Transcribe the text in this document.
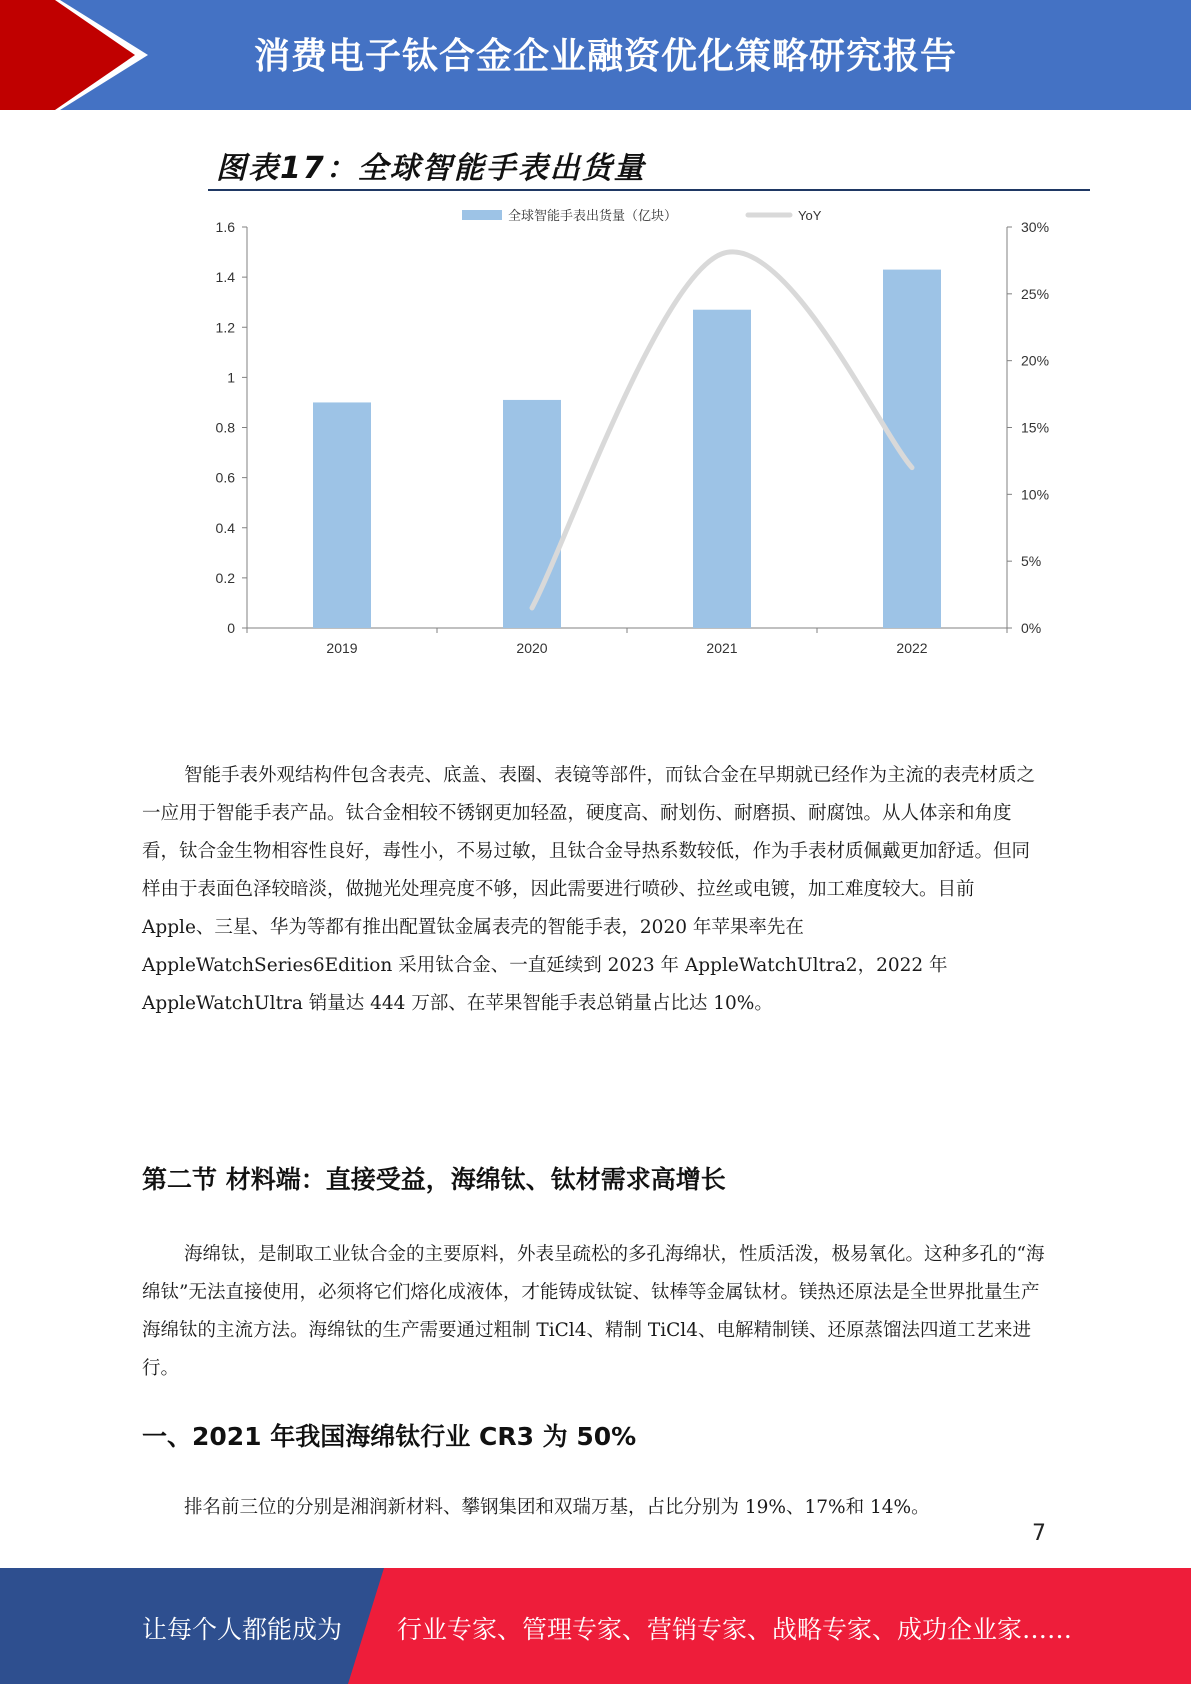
消费电子钛合金企业融资优化策略研究报告
图表17：全球智能手表出货量
0
0.2
0.4
0.6
0.8
1
1.2
1.4
1.6
0%
5%
10%
15%
20%
25%
30%
2019	2020	2021	2022
全球智能手表出货量（亿块）	YoY

智能手表外观结构件包含表壳、底盖、表圈、表镜等部件，而钛合金在早期就已经作为主流的表壳材质之一应用于智能手表产品。钛合金相较不锈钢更加轻盈，硬度高、耐划伤、耐磨损、耐腐蚀。从人体亲和角度看，钛合金生物相容性良好，毒性小，不易过敏，且钛合金导热系数较低，作为手表材质佩戴更加舒适。但同样由于表面色泽较暗淡，做抛光处理亮度不够，因此需要进行喷砂、拉丝或电镀，加工难度较大。目前 Apple、三星、华为等都有推出配置钛金属表壳的智能手表，2020 年苹果率先在 AppleWatchSeries6Edition 采用钛合金、一直延续到 2023 年 AppleWatchUltra2，2022 年 AppleWatchUltra 销量达 444 万部、在苹果智能手表总销量占比达 10%。

第二节 材料端：直接受益，海绵钛、钛材需求高增长

海绵钛，是制取工业钛合金的主要原料，外表呈疏松的多孔海绵状，性质活泼，极易氧化。这种多孔的“海绵钛”无法直接使用，必须将它们熔化成液体，才能铸成钛锭、钛棒等金属钛材。镁热还原法是全世界批量生产海绵钛的主流方法。海绵钛的生产需要通过粗制 TiCl4、精制 TiCl4、电解精制镁、还原蒸馏法四道工艺来进行。

一、2021 年我国海绵钛行业 CR3 为 50%

排名前三位的分别是湘润新材料、攀钢集团和双瑞万基，占比分别为 19%、17%和 14%。

7
让每个人都能成为 行业专家、管理专家、营销专家、战略专家、成功企业家……
